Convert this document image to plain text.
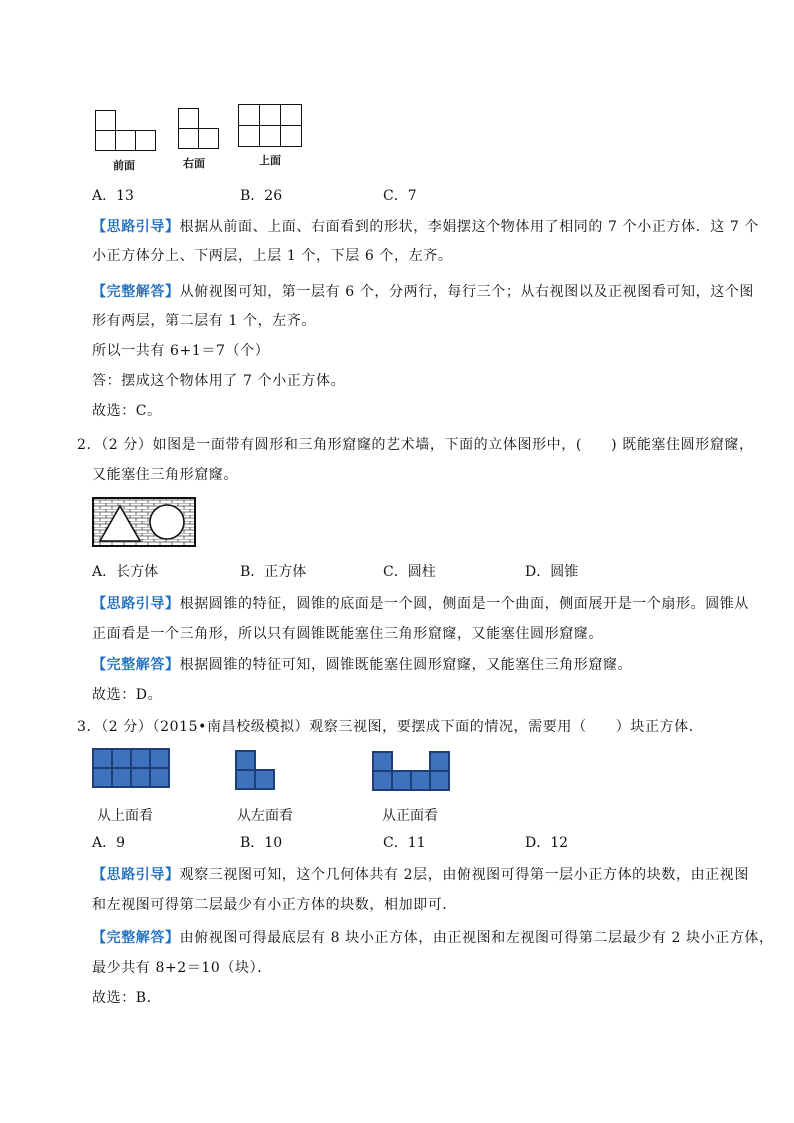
前面	右面	上面
A．13	B．26	C．7
【思路引导】根据从前面、上面、右面看到的形状，李娟摆这个物体用了相同的 7 个小正方体．这 7 个
小正方体分上、下两层，上层 1 个，下层 6 个，左齐。
【完整解答】从俯视图可知，第一层有 6 个，分两行，每行三个；从右视图以及正视图看可知，这个图
形有两层，第二层有 1 个，左齐。
所以一共有 6+1＝7（个）
答：摆成这个物体用了 7 个小正方体。
故选：C。
2．（2 分）如图是一面带有圆形和三角形窟窿的艺术墙，下面的立体图形中，(　　) 既能塞住圆形窟窿，
又能塞住三角形窟窿。
A．长方体	B．正方体	C．圆柱	D．圆锥
【思路引导】根据圆锥的特征，圆锥的底面是一个圆，侧面是一个曲面，侧面展开是一个扇形。圆锥从
正面看是一个三角形，所以只有圆锥既能塞住三角形窟窿，又能塞住圆形窟窿。
【完整解答】根据圆锥的特征可知，圆锥既能塞住圆形窟窿，又能塞住三角形窟窿。
故选：D。
3．（2 分）（2015•南昌校级模拟）观察三视图，要摆成下面的情况，需要用（　　）块正方体．
从上面看	从左面看	从正面看
A．9	B．10	C．11	D．12
【思路引导】观察三视图可知，这个几何体共有 2层，由俯视图可得第一层小正方体的块数，由正视图
和左视图可得第二层最少有小正方体的块数，相加即可．
【完整解答】由俯视图可得最底层有 8 块小正方体，由正视图和左视图可得第二层最少有 2 块小正方体，
最少共有 8+2＝10（块）．
故选：B．
